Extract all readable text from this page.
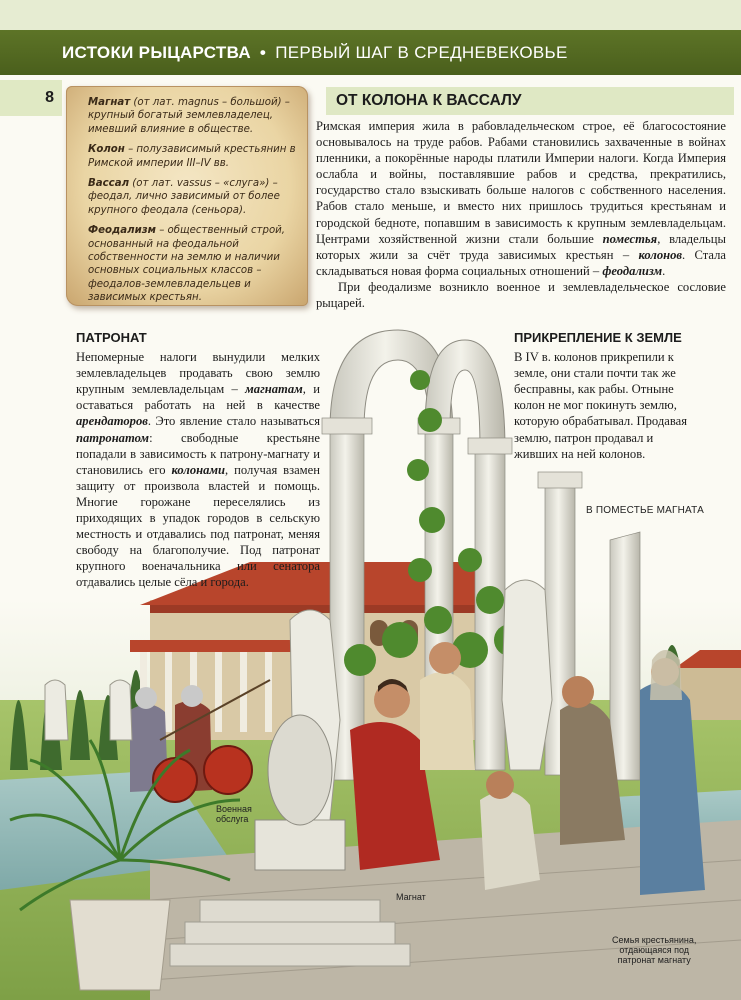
ИСТОКИ РЫЦАРСТВА • ПЕРВЫЙ ШАГ В СРЕДНЕВЕКОВЬЕ
8	Магнат (от лат. magnus – большой) – крупный богатый землевладелец, имевший влияние в обществе.

Колон – полузависимый крестьянин в Римской империи III–IV вв.

Вассал (от лат. vassus – «слуга») – феодал, лично зависимый от более крупного феодала (сеньора).

Феодализм – общественный строй, основанный на феодальной собственности на землю и наличии основных социальных классов – феодалов-землевладельцев и зависимых крестьян.

ОТ КОЛОНА К ВАССАЛУ

Римская империя жила в рабовладельческом строе, её благосостояние основывалось на труде рабов. Рабами становились захваченные в войнах пленники, а покорённые народы платили Империи налоги. Когда Империя ослабла и войны, поставлявшие рабов и средства, прекратились, государство стало взыскивать больше налогов с собственного населения. Рабов стало меньше, и вместо них пришлось трудиться крестьянам и городской бедноте, попавшим в зависимость к крупным землевладельцам. Центрами хозяйственной жизни стали большие поместья, владельцы которых жили за счёт труда зависимых крестьян – колонов. Стала складываться новая форма социальных отношений – феодализм.

При феодализме возникло военное и землевладельческое сословие рыцарей.

ПАТРОНАТ

Непомерные налоги вынудили мелких землевладельцев продавать свою землю крупным землевладельцам – магнатам, и оставаться работать на ней в качестве арендаторов. Это явление стало называться патронатом: свободные крестьяне попадали в зависимость к патрону-магнату и становились его колонами, получая взамен защиту от произвола властей и помощь. Многие горожане переселялись из приходящих в упадок городов в сельскую местность и отдавались под патронат, меняя свободу на благополучие. Под патронат крупного военачальника или сенатора отдавались целые сёла и города.

ПРИКРЕПЛЕНИЕ К ЗЕМЛЕ

В IV в. колонов прикрепили к земле, они стали почти так же бесправны, как рабы. Отныне колон не мог покинуть землю, которую обрабатывал. Продавая землю, патрон продавал и живших на ней колонов.

В ПОМЕСТЬЕ МАГНАТА
Военная
обслуга
Магнат
Семья крестьянина,
отдающаяся под
патронат магнату
